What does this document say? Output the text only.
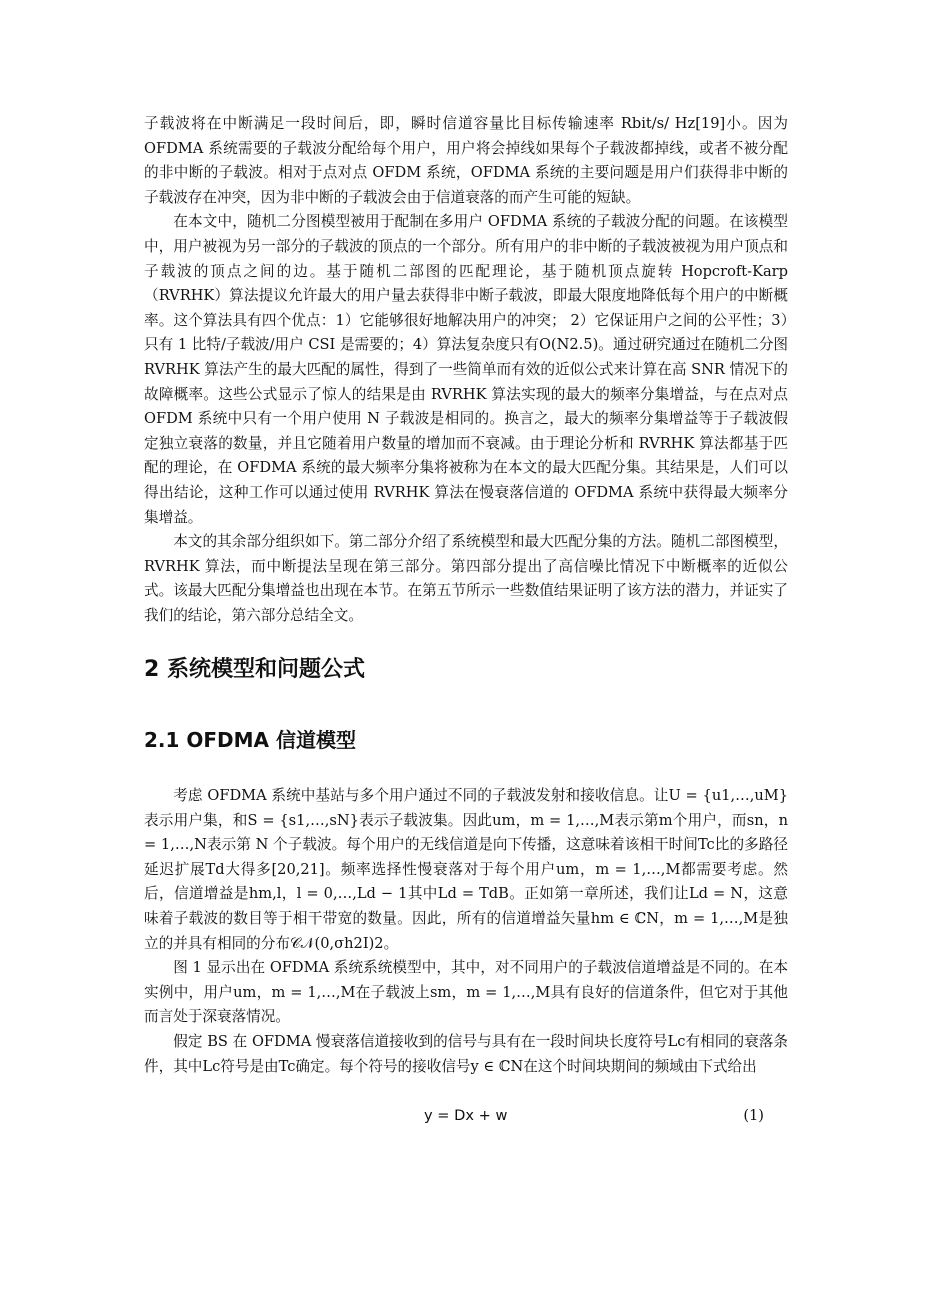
子载波将在中断满足一段时间后，即，瞬时信道容量比目标传输速率 Rbit/s/ Hz[19]小。因为 OFDMA 系统需要的子载波分配给每个用户，用户将会掉线如果每个子载波都掉线，或者不被分配的非中断的子载波。相对于点对点 OFDM 系统，OFDMA 系统的主要问题是用户们获得非中断的子载波存在冲突，因为非中断的子载波会由于信道衰落的而产生可能的短缺。

在本文中，随机二分图模型被用于配制在多用户 OFDMA 系统的子载波分配的问题。在该模型中，用户被视为另一部分的子载波的顶点的一个部分。所有用户的非中断的子载波被视为用户顶点和子载波的顶点之间的边。基于随机二部图的匹配理论，基于随机顶点旋转 Hopcroft-Karp（RVRHK）算法提议允许最大的用户量去获得非中断子载波，即最大限度地降低每个用户的中断概率。这个算法具有四个优点：1）它能够很好地解决用户的冲突； 2）它保证用户之间的公平性；3）只有 1 比特/子载波/用户 CSI 是需要的；4）算法复杂度只有O(N2.5)。通过研究通过在随机二分图 RVRHK 算法产生的最大匹配的属性，得到了一些简单而有效的近似公式来计算在高 SNR 情况下的故障概率。这些公式显示了惊人的结果是由 RVRHK 算法实现的最大的频率分集增益，与在点对点 OFDM 系统中只有一个用户使用 N 子载波是相同的。换言之，最大的频率分集增益等于子载波假定独立衰落的数量，并且它随着用户数量的增加而不衰减。由于理论分析和 RVRHK 算法都基于匹配的理论，在 OFDMA 系统的最大频率分集将被称为在本文的最大匹配分集。其结果是，人们可以得出结论，这种工作可以通过使用 RVRHK 算法在慢衰落信道的 OFDMA 系统中获得最大频率分集增益。

本文的其余部分组织如下。第二部分介绍了系统模型和最大匹配分集的方法。随机二部图模型，RVRHK 算法，而中断提法呈现在第三部分。第四部分提出了高信噪比情况下中断概率的近似公式。该最大匹配分集增益也出现在本节。在第五节所示一些数值结果证明了该方法的潜力，并证实了我们的结论，第六部分总结全文。

2 系统模型和问题公式
2.1 OFDMA 信道模型

考虑 OFDMA 系统中基站与多个用户通过不同的子载波发射和接收信息。让U = {u1,…,uM}表示用户集，和S = {s1,…,sN}表示子载波集。因此um，m = 1,…,M表示第m个用户，而sn，n = 1,…,N表示第 N 个子载波。每个用户的无线信道是向下传播，这意味着该相干时间Tc比的多路径延迟扩展Td大得多[20,21]。频率选择性慢衰落对于每个用户um，m = 1,…,M都需要考虑。然后，信道增益是hm,l，l = 0,…,Ld − 1其中Ld = TdB。正如第一章所述，我们让Ld = N，这意味着子载波的数目等于相干带宽的数量。因此，所有的信道增益矢量hm ∈ ℂN，m = 1,…,M是独立的并具有相同的分布𝒞𝒩(0,σh2I)2。

图 1 显示出在 OFDMA 系统系统模型中，其中，对不同用户的子载波信道增益是不同的。在本实例中，用户um，m = 1,…,M在子载波上sm，m = 1,…,M具有良好的信道条件，但它对于其他而言处于深衰落情况。

假定 BS 在 OFDMA 慢衰落信道接收到的信号与具有在一段时间块长度符号Lc有相同的衰落条件，其中Lc符号是由Tc确定。每个符号的接收信号y ∈ ℂN在这个时间块期间的频域由下式给出

y = Dx + w	(1)
